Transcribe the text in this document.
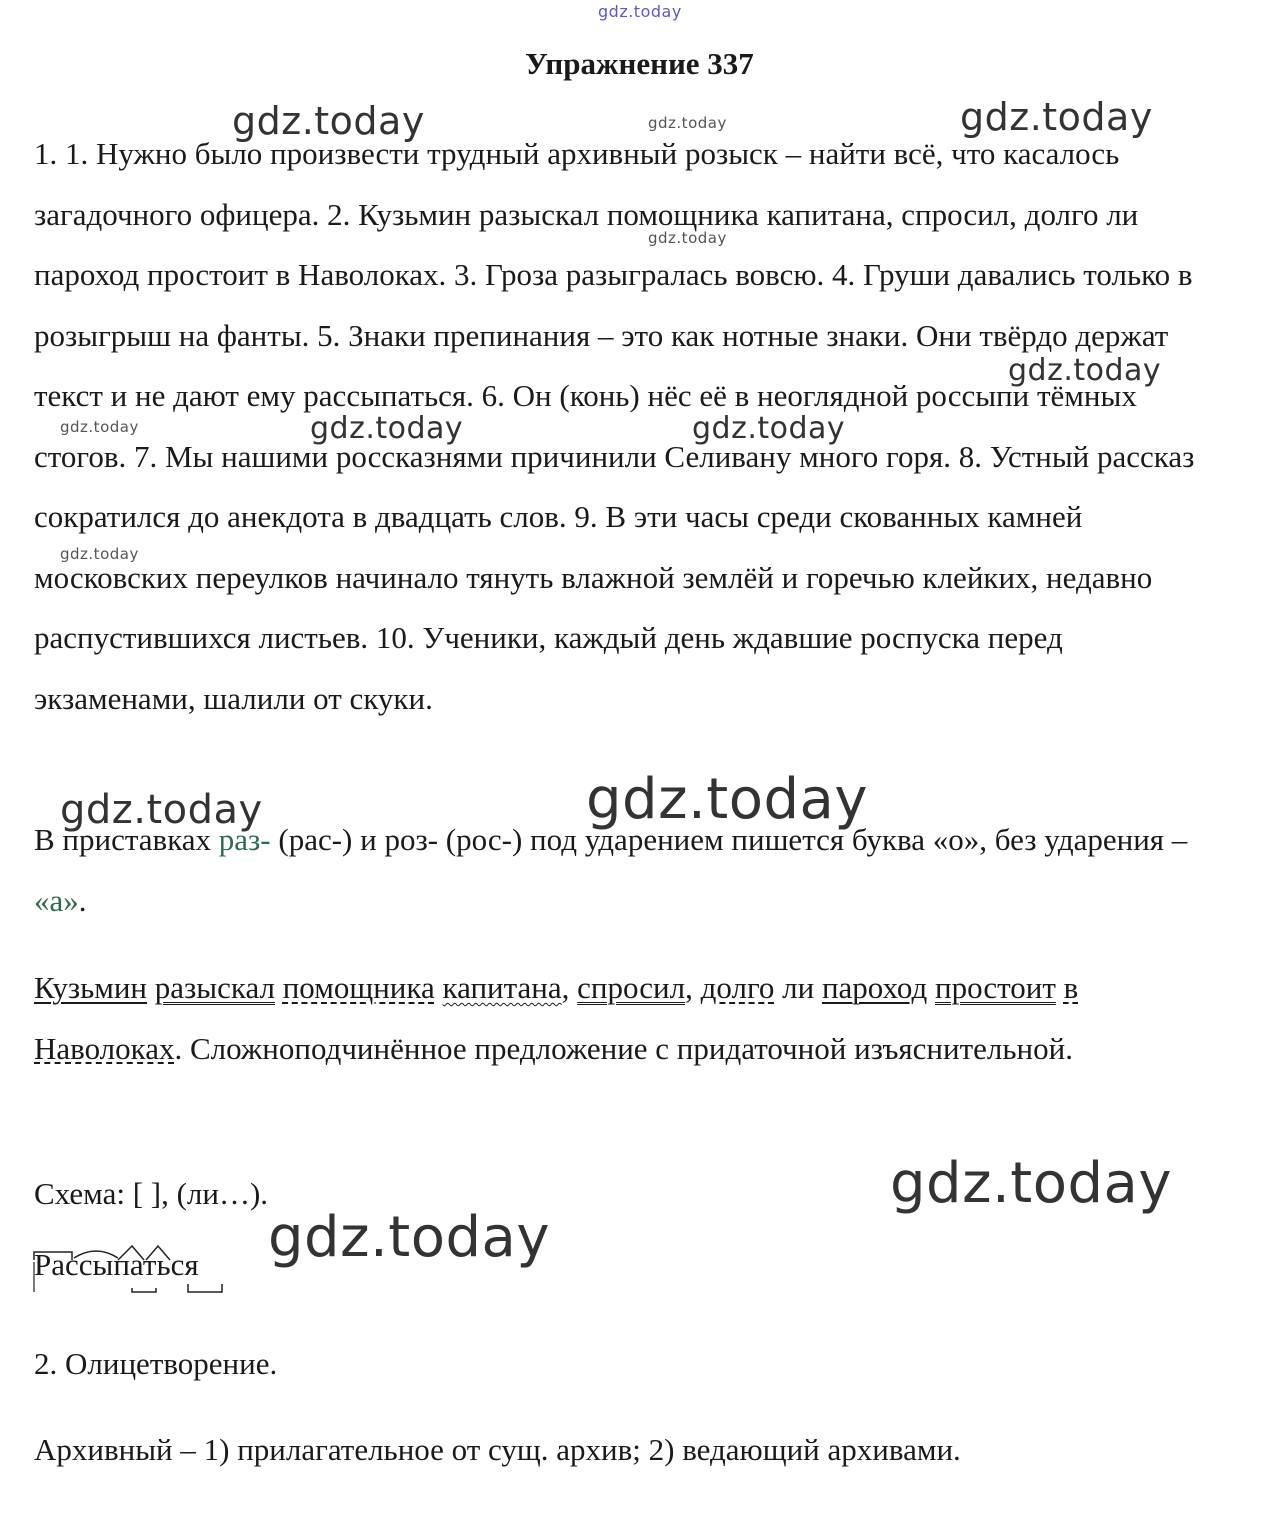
gdz.today
gdz.today	gdz.today	gdz.today
gdz.today
gdz.today
gdz.today	gdz.today	gdz.today
gdz.today
gdz.today	gdz.today
gdz.today
gdz.today
Упражнение 337
1. 1. Нужно было произвести трудный архивный розыск – найти всё, что касалось загадочного офицера. 2. Кузьмин разыскал помощника капитана, спросил, долго ли пароход простоит в Наволоках. 3. Гроза разыгралась вовсю. 4. Груши давались только в розыгрыш на фанты. 5. Знаки препинания – это как нотные знаки. Они твёрдо держат текст и не дают ему рассыпаться. 6. Он (конь) нёс её в неоглядной россыпи тёмных стогов. 7. Мы нашими россказнями причинили Селивану много горя. 8. Устный рассказ сократился до анекдота в двадцать слов. 9. В эти часы среди скованных камней московских переулков начинало тянуть влажной землёй и горечью клейких, недавно распустившихся листьев. 10. Ученики, каждый день ждавшие роспуска перед экзаменами, шалили от скуки.
В приставках раз- (рас-) и роз- (рос-) под ударением пишется буква «о», без ударения – «а».
Кузьмин разыскал помощника капитана, спросил, долго ли пароход простоит в Наволоках. Сложноподчинённое предложение с придаточной изъяснительной.
Схема: [ ], (ли…).
Рассыпаться
2. Олицетворение.
Архивный – 1) прилагательное от сущ. архив; 2) ведающий архивами.
